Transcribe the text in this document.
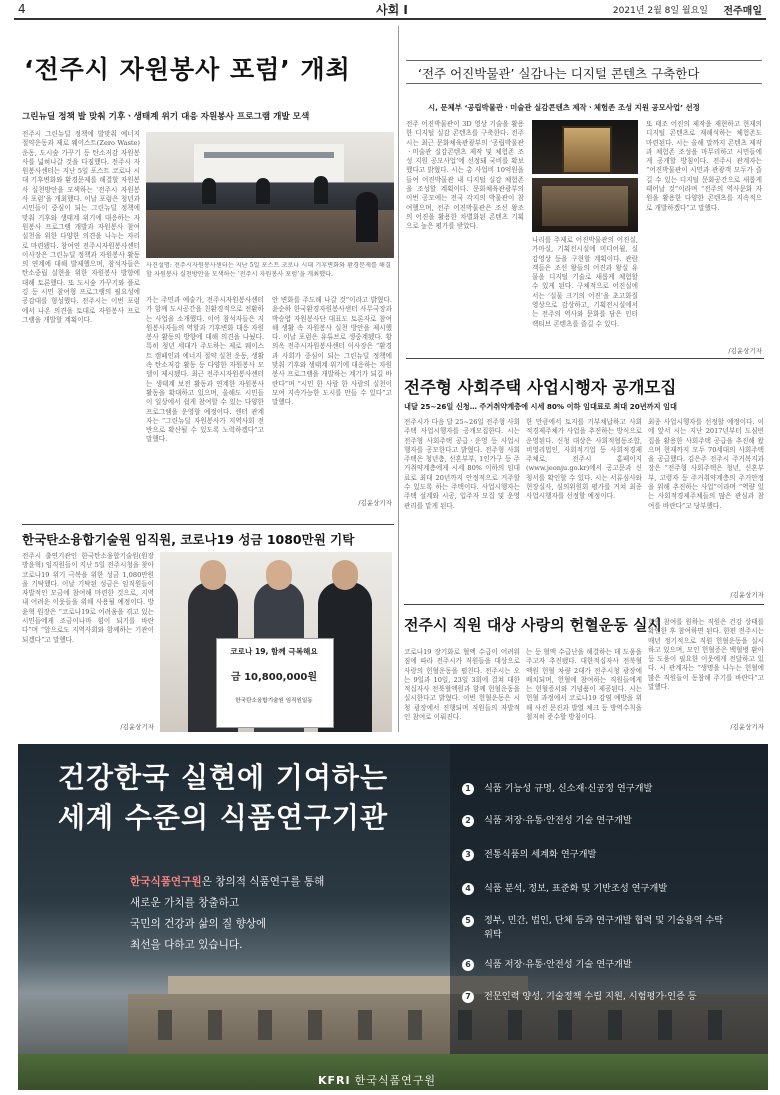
4	사회 I	2021년 2월 8일 월요일 전주매일
‘전주시 자원봉사 포럼’ 개최
그린뉴딜 정책 발 맞춰 기후ㆍ생태계 위기 대응 자원봉사 프로그램 개발 모색
전주시 그린뉴딜 정책에 발맞춰 예너지 절약운동과 제로 웨이스트(Zero Waste) 운동, 도시숲 가꾸기 등 탄소저감 자원봉사를 넓혀나갈 것을 다짐했다. 전주시 자원봉사센터는 지난 5일 포스트 코로나 시대 기후변화와 환경문제를 해결할 자원봉사 실천방안을 모색하는 ‘전주시 자원봉사 포럼’을 개최했다. 이날 포럼은 청년과 시민들이 중심이 되는 그린뉴딜 정책에 맞춰 기후와 생태계 위기에 대응하는 자원봉사 프로그램 개발과 자원봉사 참여 실천을 위한 다양한 의견을 나누는 자리로 마련됐다. 참여연 전주시자원봉사센터 이사장은 그린뉴딜 정책과 자원봉사 활동의 연계에 대해 발제했으며, 참석자들은 탄소중립 실현을 위한 자원봉사 방향에 대해 토론했다. 또 도시숲 가꾸기와 플로깅 등 시민 참여형 프로그램의 필요성에 공감대를 형성했다. 전주시는 이번 포럼에서 나온 의견을 토대로 자원봉사 프로그램을 개발할 계획이다.
사진설명: 전주시자원봉사센터는 지난 5일 포스트 코로나 시대 기후변화와 환경문제를 해결할 자원봉사 실천방안을 모색하는 ‘전주시 자원봉사 포럼’을 개최했다.
가는 주민과 예술가, 전주시자원봉사센터가 함께 도시공간을 친환경적으로 전환하는 사업을 소개했다. 이어 참석자들은 지원봉사자들의 역할과 기후변화 대응 자원봉사 활동의 방향에 대해 의견을 나눴다. 특히 청년 세대가 주도하는 제로 웨이스트 캠페인과 에너지 절약 실천 운동, 생활 속 탄소저감 활동 등 다양한 자원봉사 모델이 제시됐다. 최근 전주시자원봉사센터는 생태계 보전 활동과 연계한 자원봉사 활동을 확대하고 있으며, 올해도 시민들이 일상에서 쉽게 참여할 수 있는 다양한 프로그램을 운영할 예정이다. 센터 관계자는 “그린뉴딜 자원봉사가 지역사회 전반으로 확산될 수 있도록 노력하겠다”고 말했다.
안 변화를 주도해 나갈 것”이라고 밝혔다. 윤순하 한국환경자원봉사센터 사무국장과 박승엽 자원봉사단 대표도 토론자로 참여해 생활 속 자원봉사 실천 방안을 제시했다. 이날 포럼은 유튜브로 생중계됐다. 황의옥 전주시자원봉사센터 이사장은 “환경과 사회가 중심이 되는 그린뉴딜 정책에 맞춰 기후와 생태계 위기에 대응하는 자원봉사 프로그램을 개발하는 계기가 되길 바란다”며 “시민 한 사람 한 사람의 실천이 모여 지속가능한 도시를 만들 수 있다”고 말했다.
/김윤상기자
‘전주 어진박물관’ 실감나는 디지털 콘텐츠 구축한다
시, 문체부 ‘공립박물관ㆍ미술관 실감콘텐츠 제작ㆍ체험존 조성 지원 공모사업’ 선정
전주 어진박물관이 3D 영상 기술을 활용한 디지털 실감 콘텐츠를 구축한다. 전주시는 최근 문화체육관광부의 ‘공립박물관ㆍ미술관 실감콘텐츠 제작 및 체험존 조성 지원 공모사업’에 선정돼 국비를 확보했다고 밝혔다. 시는 총 사업비 10억원을 들여 어진박물관 내 디지털 실감 체험존을 조성할 계획이다. 문화체육관광부의 이번 공모에는 전국 각지의 박물관이 참여했으며, 전주 어진박물관은 조선 왕조의 어진을 활용한 차별화된 콘텐츠 기획으로 높은 평가를 받았다.
나리를 주제로 어진박물관의 어진실, 가마실, 기획전시실에 미디어월, 실감영상 등을 구현할 계획이다. 관람객들은 조선 왕들의 어진과 왕실 유물을 디지털 기술로 새롭게 체험할 수 있게 된다. 구체적으로 어진실에서는 ‘실물 크기의 어진’을 초고화질 영상으로 감상하고, 기획전시실에서는 전주의 역사와 문화를 담은 인터랙티브 콘텐츠를 즐길 수 있다.
또 태조 어진의 제작을 재현하고 현재의 디지털 콘텐츠로 재해석하는 체험존도 마련된다. 시는 올해 말까지 콘텐츠 제작과 체험존 조성을 마무리하고 시민들에게 공개할 방침이다. 전주시 관계자는 “어진박물관이 시민과 관광객 모두가 즐길 수 있는 디지털 문화공간으로 새롭게 태어날 것”이라며 “전주의 역사문화 자원을 활용한 다양한 콘텐츠를 지속적으로 개발하겠다”고 말했다.
/김윤상기자
전주형 사회주택 사업시행자 공개모집
내달 25~26일 신청… 주거취약계층에 시세 80% 이하 임대료로 최대 20년까지 임대
전주시가 다음 달 25~26일 전주형 사회주택 사업시행자를 공개모집한다. 시는 전주형 사회주택 공급ㆍ운영 등 사업시행자를 공모한다고 밝혔다. 전주형 사회주택은 청년층, 신혼부부, 1인가구 등 주거취약계층에게 시세 80% 이하의 임대료로 최대 20년까지 안정적으로 거주할 수 있도록 하는 주택이다. 사업시행자는 주택 설계와 시공, 입주자 모집 및 운영관리를 맡게 된다.
한 만큼에서 토지를 기부채납하고 사회적경제주체가 사업을 추진하는 방식으로 운영된다. 신청 대상은 사회적협동조합, 비영리법인, 사회적기업 등 사회적경제주체로, 전주시 홈페이지(www.jeonju.go.kr)에서 공고문과 신청서를 확인할 수 있다. 시는 서류심사와 현장실사, 심의위원회 평가를 거쳐 최종 사업시행자를 선정할 예정이다.
최종 사업시행자를 선정할 예정이다. 이에 앞서 시는 지난 2017년부터 도심빈집을 활용한 사회주택 공급을 추진해 왔으며 현재까지 모두 70세대의 사회주택을 공급했다. 김은주 전주시 주거복지과장은 “전주형 사회주택은 청년, 신혼부부, 고령자 등 주거취약계층의 주거안정을 위해 추진하는 사업”이라며 “역량 있는 사회적경제주체들의 많은 관심과 참여를 바란다”고 당부했다.
/김윤상기자
한국탄소융합기술원 임직원, 코로나19 성금 1080만원 기탁
전주시 출연기관인 한국탄소융합기술원(원장 방윤혁) 임직원들이 지난 5일 전주시청을 찾아 코로나19 위기 극복을 위한 성금 1,080만원을 기탁했다. 이날 기탁된 성금은 임직원들이 자발적인 모금에 참여해 마련한 것으로, 지역 내 어려운 이웃들을 위해 사용될 예정이다. 방윤혁 원장은 “코로나19로 어려움을 겪고 있는 시민들에게 조금이나마 힘이 되기를 바란다”며 “앞으로도 지역사회와 함께하는 기관이 되겠다”고 말했다.
코로나 19, 함께 극복해요
금 10,800,000원
한국탄소융합기술원 임직원일동
/김윤상기자
전주시 직원 대상 사랑의 헌혈운동 실시
코로나19 장기화로 혈액 수급이 어려워짐에 따라 전주시가 직원들을 대상으로 사랑의 헌혈운동을 펼친다. 전주시는 오는 9일과 10일, 23일 3회에 걸쳐 대한적십자사 전북혈액원과 함께 헌혈운동을 실시한다고 밝혔다. 이번 헌혈운동은 시청 광장에서 진행되며 직원들의 자발적인 참여로 이뤄진다.
는 등 혈액 수급난을 해결하는 데 도움을 주고자 추진됐다. 대한적십자사 전북혈액원 헌혈 차량 2대가 전주시청 광장에 배치되며, 헌혈에 참여하는 직원들에게는 헌혈증서와 기념품이 제공된다. 시는 헌혈 과정에서 코로나19 감염 예방을 위해 사전 문진과 발열 체크 등 방역수칙을 철저히 준수할 방침이다.
헌혈 참여를 원하는 직원은 건강 상태를 확인한 후 참여하면 된다. 한편 전주시는 매년 정기적으로 직원 헌혈운동을 실시하고 있으며, 모인 헌혈증은 백혈병 환아 등 도움이 필요한 이웃에게 전달하고 있다. 시 관계자는 “생명을 나누는 헌혈에 많은 직원들이 동참해 주기를 바란다”고 말했다.
/김윤상기자
건강한국 실현에 기여하는
세계 수준의 식품연구기관
한국식품연구원은 창의적 식품연구를 통해
새로운 가치를 창출하고
국민의 건강과 삶의 질 향상에
최선을 다하고 있습니다.
1 식품 기능성 규명, 신소재·신공정 연구개발
2 식품 저장·유통·안전성 기술 연구개발
3 전통식품의 세계화 연구개발
4 식품 분석, 정보, 표준화 및 기반조성 연구개발
5 정부, 민간, 법인, 단체 등과 연구개발 협력 및 기술용역 수탁 위탁
6 식품 저장·유통·안전성 기술 연구개발
7 전문인력 양성, 기술정책 수립 지원, 시험평가·인증 등
KFRI 한국식품연구원
